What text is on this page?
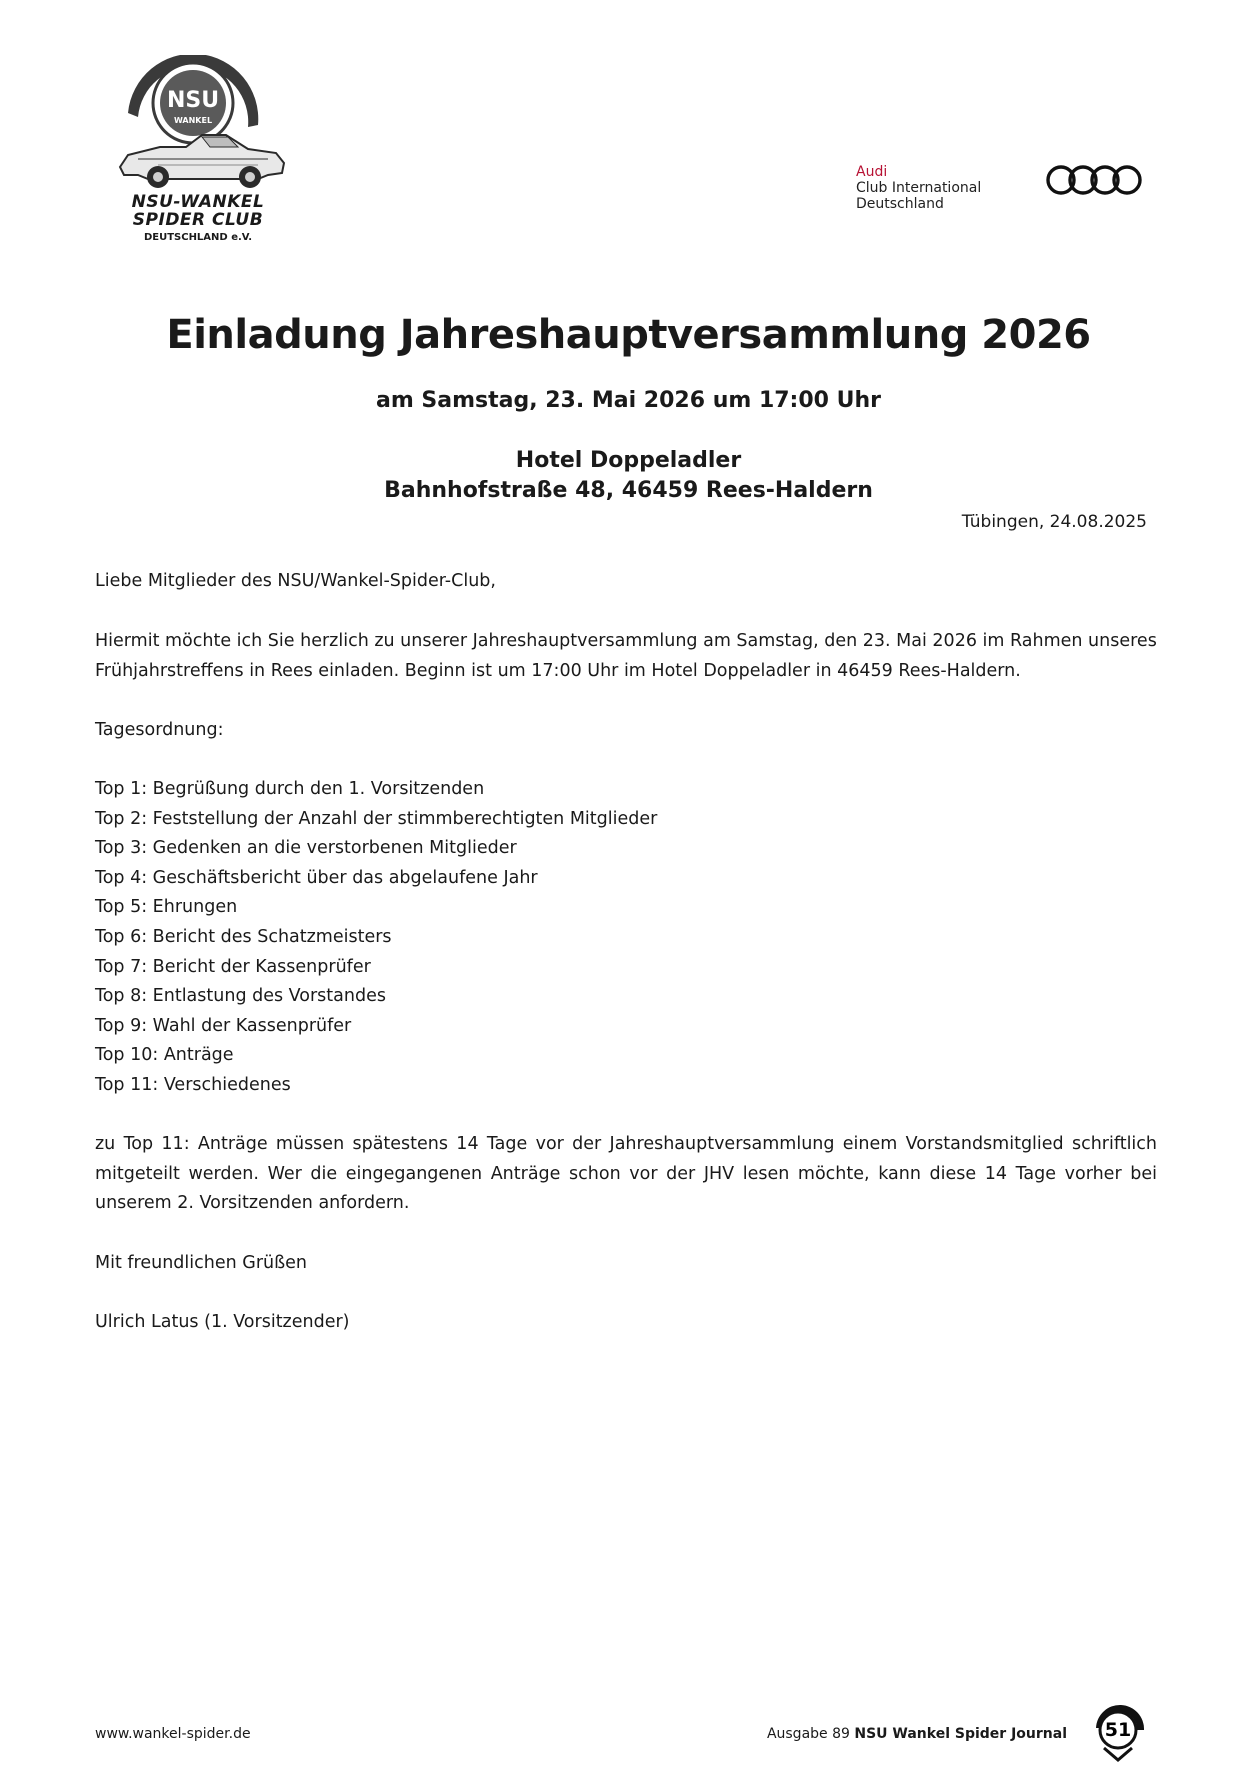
NSU
WANKEL
NSU-WANKEL
SPIDER CLUB
DEUTSCHLAND e.V.
Audi
Club International
Deutschland
Einladung Jahreshauptversammlung 2026
am Samstag, 23. Mai 2026 um 17:00 Uhr
Hotel Doppeladler
Bahnhofstraße 48, 46459 Rees-Haldern
Tübingen, 24.08.2025

Liebe Mitglieder des NSU/Wankel-Spider-Club,

Hiermit möchte ich Sie herzlich zu unserer Jahreshauptversammlung am Samstag, den 23. Mai 2026 im Rahmen unseres Frühjahrstreffens in Rees einladen. Beginn ist um 17:00 Uhr im Hotel Doppeladler in 46459 Rees-Haldern.

Tagesordnung:

Top 1: Begrüßung durch den 1. Vorsitzenden
Top 2: Feststellung der Anzahl der stimmberechtigten Mitglieder
Top 3: Gedenken an die verstorbenen Mitglieder
Top 4: Geschäftsbericht über das abgelaufene Jahr
Top 5: Ehrungen
Top 6: Bericht des Schatzmeisters
Top 7: Bericht der Kassenprüfer
Top 8: Entlastung des Vorstandes
Top 9: Wahl der Kassenprüfer
Top 10: Anträge
Top 11: Verschiedenes

zu Top 11: Anträge müssen spätestens 14 Tage vor der Jahreshauptversammlung einem Vorstandsmitglied schriftlich mitgeteilt werden. Wer die eingegangenen Anträge schon vor der JHV lesen möchte, kann diese 14 Tage vorher bei unserem 2. Vorsitzenden anfordern.

Mit freundlichen Grüßen

Ulrich Latus (1. Vorsitzender)

www.wankel-spider.de	Ausgabe 89 NSU Wankel Spider Journal	51
